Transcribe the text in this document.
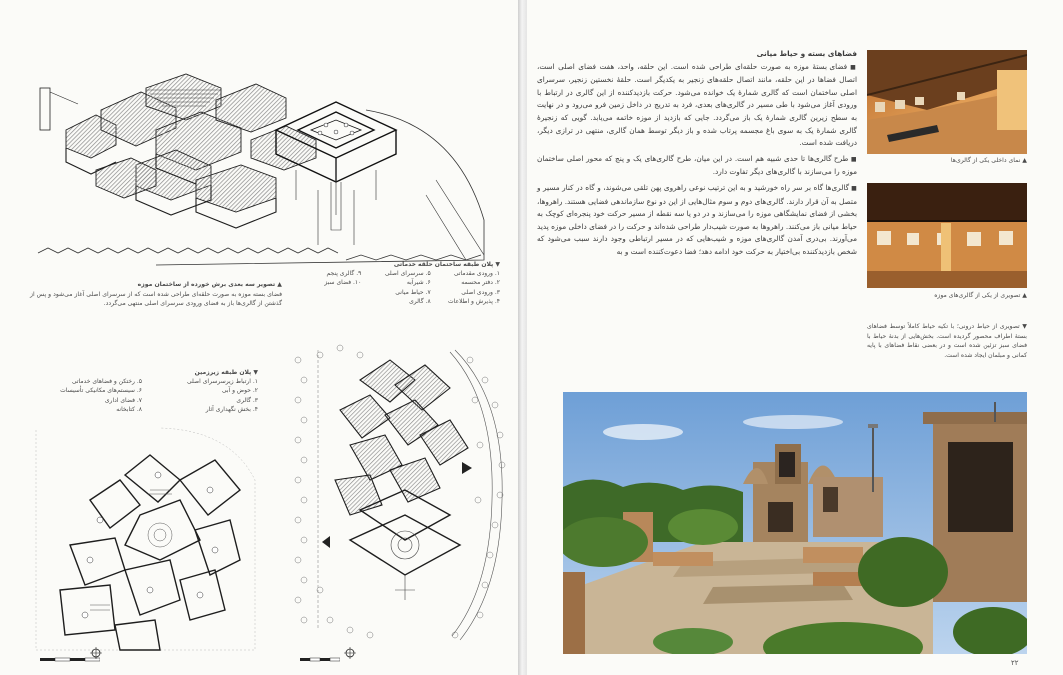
▼ پلان طبقه ساختمان حلقه خدماتی
۱. ورودی مقدماتی
۲. دفتر محسمه
۳. ورودی اصلی
۴. پذیرش و اطلاعات
۵. سرسرای اصلی
۶. شیرآبه
۷. حیاط میانی
۸. گالری
۹. گالری پنجم
۱۰. فضای سبز
▲ تصویر سه بعدی برش خورده از ساختمان موزه
فضای بسته موزه به صورت حلقه‌ای طراحی شده است که از سرسرای اصلی آغاز می‌شود و پس از گذشتن از گالری‌ها باز به فضای ورودی سرسرای اصلی منتهی می‌گردد.
▼ پلان طبقه زیرزمین
۱. ارتباط زیرسرسرای اصلی
۲. حوض و آبی
۳. گالری
۴. بخش نگهداری آثار
۵. رختکن و فضاهای خدماتی
۶. سیستم‌های مکانیکی تأسیسات
۷. فضای اداری
۸. کتابخانه
فضاهای بسته و حیاط میانی
■ فضای بستهٔ موزه به صورت حلقه‌ای طراحی شده است. این حلقه، واحد، هفت فضای اصلی است، اتصال فضاها در این حلقه، مانند اتصال حلقه‌های زنجیر به یکدیگر است. حلقهٔ نخستین زنجیر، سرسرای اصلی ساختمان است که گالری شمارهٔ یک خوانده می‌شود. حرکت بازدیدکننده از این گالری در ارتباط با ورودی آغاز می‌شود با طی مسیر در گالری‌های بعدی، فرد به تدریج در داخل زمین فرو می‌رود و در نهایت به سطح زیرین گالری شمارهٔ یک باز می‌گردد. جایی که بازدید از موزه خاتمه می‌یابد. گویی که زنجیرهٔ گالری شمارهٔ یک به سوی باغ مجسمه پرتاب شده و باز دیگر توسط همان گالری، منتهی در ترازی دیگر، دریافت شده است.
■ طرح گالری‌ها تا حدی شبیه هم است. در این میان، طرح گالری‌های یک و پنج که محور اصلی ساختمان موزه را می‌سازند با گالری‌های دیگر تفاوت دارد.
■ گالری‌ها گاه بر سر راه خورشید و به این ترتیب نوعی راهروی پهن تلقی می‌شوند، و گاه در کنار مسیر و متصل به آن قرار دارند. گالری‌های دوم و سوم مثال‌هایی از این دو نوع سازماندهی فضایی هستند. راهروها، بخشی از فضای نمایشگاهی موزه را می‌سازند و در دو یا سه نقطه از مسیر حرکت خود پنجره‌ای کوچک به حیاط میانی باز می‌کنند. راهروها به صورت شیب‌دار طراحی شده‌اند و حرکت را در فضای داخلی موزه پدید می‌آورند. بی‌دری آمدن گالری‌های موزه و شیب‌هایی که در مسیر ارتباطی وجود دارند سبب می‌شود که شخص بازدیدکننده بی‌اختیار به حرکت خود ادامه دهد؛ فضا دعوت‌کننده است و به
▲ نمای داخلی یکی از گالری‌ها
▲ تصویری از یکی از گالری‌های موزه
▼ تصویری از حیاط درونی؛ با تکیه حیاط کاملاً توسط فضاهای بستهٔ اطراف محصور گردیده است. بخش‌هایی از بدنهٔ حیاط با فضای سبز تزئین شده است و در بعضی نقاط فضاهای با پایه کمانی و مبلمان ایجاد شده است.
۲۲
